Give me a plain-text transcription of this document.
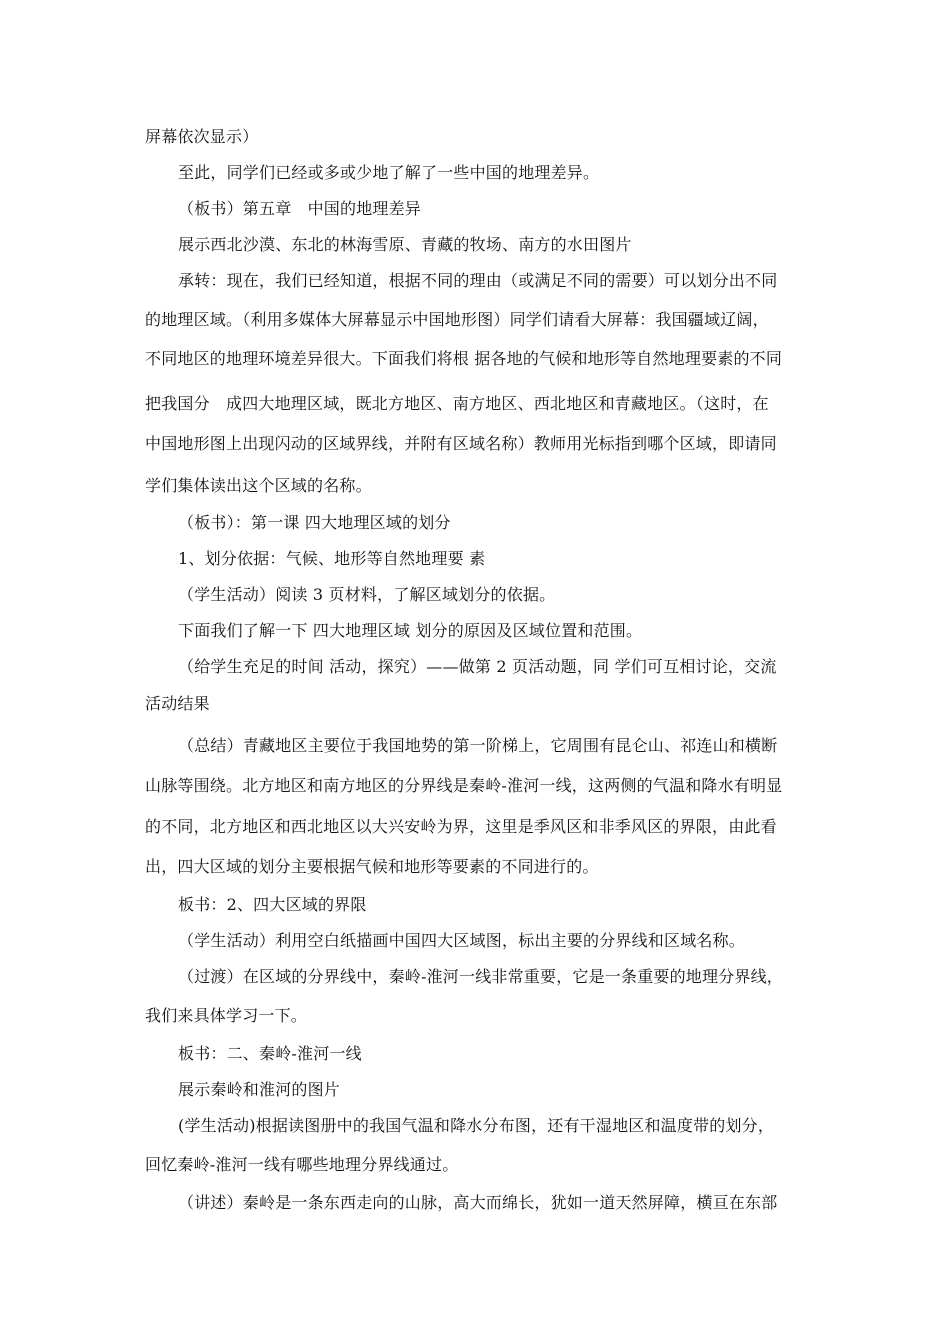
屏幕依次显示）
至此，同学们已经或多或少地了解了一些中国的地理差异。
（板书）第五章　中国的地理差异
展示西北沙漠、东北的林海雪原、青藏的牧场、南方的水田图片
承转：现在，我们已经知道，根据不同的理由（或满足不同的需要）可以划分出不同
的地理区域。（利用多媒体大屏幕显示中国地形图）同学们请看大屏幕：我国疆域辽阔，
不同地区的地理环境差异很大。下面我们将根 据各地的气候和地形等自然地理要素的不同
把我国分　成四大地理区域，既北方地区、南方地区、西北地区和青藏地区。（这时，在
中国地形图上出现闪动的区域界线，并附有区域名称）教师用光标指到哪个区域，即请同
学们集体读出这个区域的名称。
（板书）：第一课 四大地理区域的划分
1、划分依据：气候、地形等自然地理要 素
（学生活动）阅读 3 页材料，了解区域划分的依据。
下面我们了解一下 四大地理区域 划分的原因及区域位置和范围。
（给学生充足的时间 活动，探究）——做第 2 页活动题，同 学们可互相讨论，交流
活动结果
（总结）青藏地区主要位于我国地势的第一阶梯上，它周围有昆仑山、祁连山和横断
山脉等围绕。北方地区和南方地区的分界线是秦岭-淮河一线，这两侧的气温和降水有明显
的不同，北方地区和西北地区以大兴安岭为界，这里是季风区和非季风区的界限，由此看
出，四大区域的划分主要根据气候和地形等要素的不同进行的。
板书：2、四大区域的界限
（学生活动）利用空白纸描画中国四大区域图，标出主要的分界线和区域名称。
（过渡）在区域的分界线中，秦岭-淮河一线非常重要，它是一条重要的地理分界线，
我们来具体学习一下。
板书：二、秦岭-淮河一线
展示秦岭和淮河的图片
(学生活动)根据读图册中的我国气温和降水分布图，还有干湿地区和温度带的划分，
回忆秦岭-淮河一线有哪些地理分界线通过。
（讲述）秦岭是一条东西走向的山脉，高大而绵长，犹如一道天然屏障，横亘在东部
